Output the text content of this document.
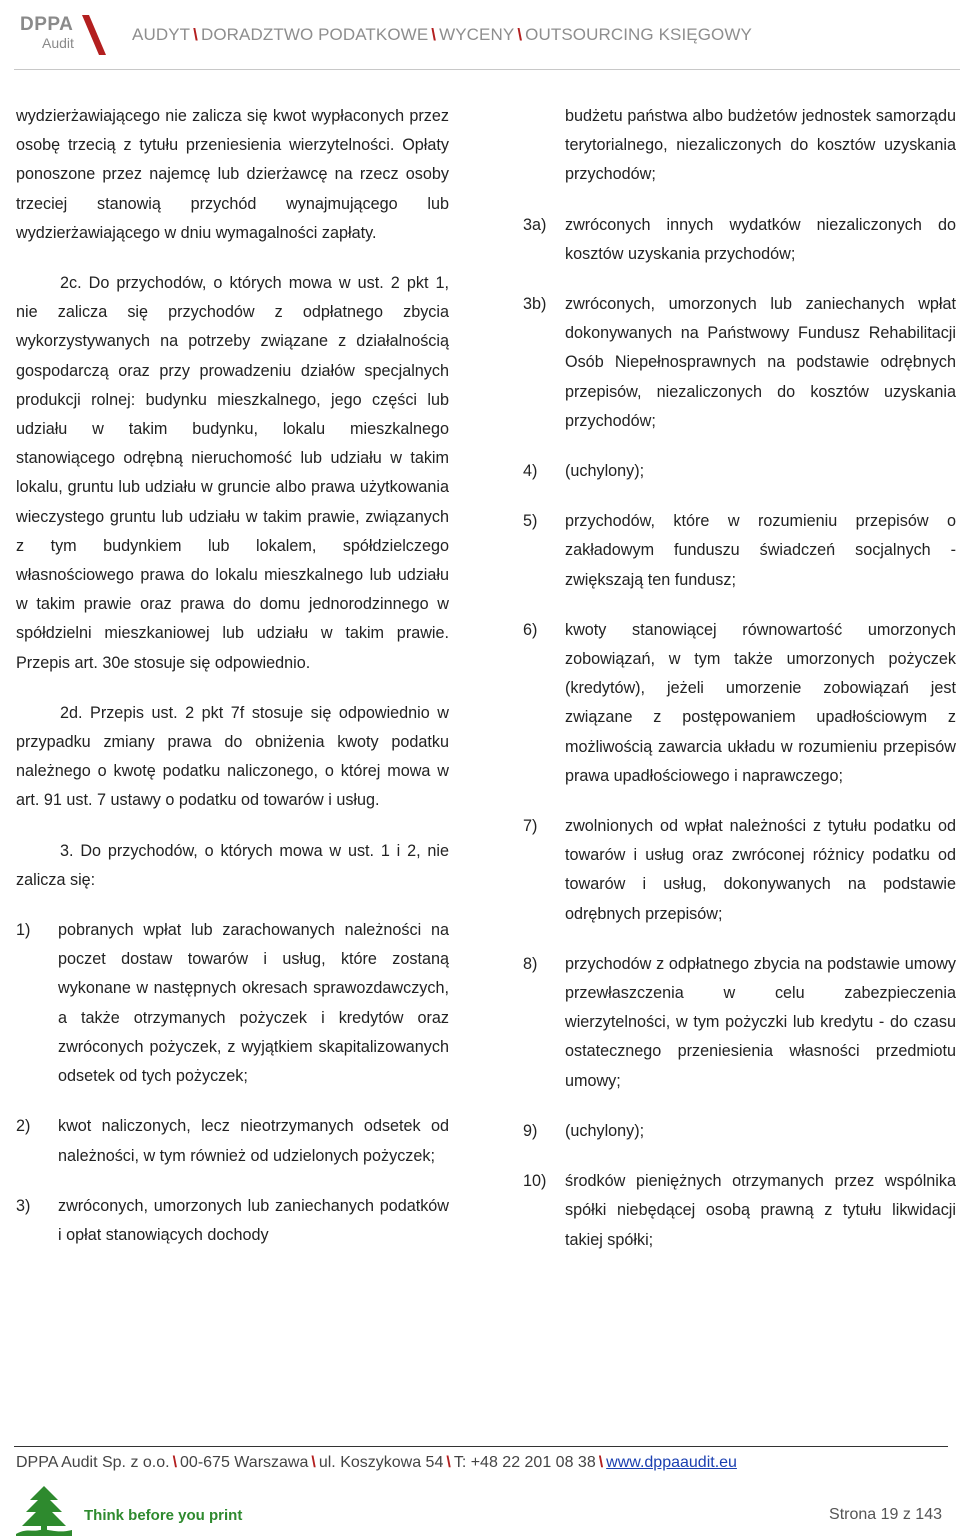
DPPA
Audit	AUDYT \ DORADZTWO PODATKOWE \ WYCENY \ OUTSOURCING KSIĘGOWY

wydzierżawiającego nie zalicza się kwot wypłaconych przez osobę trzecią z tytułu przeniesienia wierzytelności. Opłaty ponoszone przez najemcę lub dzierżawcę na rzecz osoby trzeciej stanowią przychód wynajmującego lub wydzierżawiającego w dniu wymagalności zapłaty.

2c. Do przychodów, o których mowa w ust. 2 pkt 1, nie zalicza się przychodów z odpłatnego zbycia wykorzystywanych na potrzeby związane z działalnością gospodarczą oraz przy prowadzeniu działów specjalnych produkcji rolnej: budynku mieszkalnego, jego części lub udziału w takim budynku, lokalu mieszkalnego stanowiącego odrębną nieruchomość lub udziału w takim lokalu, gruntu lub udziału w gruncie albo prawa użytkowania wieczystego gruntu lub udziału w takim prawie, związanych z tym budynkiem lub lokalem, spółdzielczego własnościowego prawa do lokalu mieszkalnego lub udziału w takim prawie oraz prawa do domu jednorodzinnego w spółdzielni mieszkaniowej lub udziału w takim prawie. Przepis art. 30e stosuje się odpowiednio.

2d. Przepis ust. 2 pkt 7f stosuje się odpowiednio w przypadku zmiany prawa do obniżenia kwoty podatku należnego o kwotę podatku naliczonego, o której mowa w art. 91 ust. 7 ustawy o podatku od towarów i usług.

3. Do przychodów, o których mowa w ust. 1 i 2, nie zalicza się:

1)	pobranych wpłat lub zarachowanych należności na poczet dostaw towarów i usług, które zostaną wykonane w następnych okresach sprawozdawczych, a także otrzymanych pożyczek i kredytów oraz zwróconych pożyczek, z wyjątkiem skapitalizowanych odsetek od tych pożyczek;
2)	kwot naliczonych, lecz nieotrzymanych odsetek od należności, w tym również od udzielonych pożyczek;
3)	zwróconych, umorzonych lub zaniechanych podatków i opłat stanowiących dochody
budżetu państwa albo budżetów jednostek samorządu terytorialnego, niezaliczonych do kosztów uzyskania przychodów;
3a)	zwróconych innych wydatków niezaliczonych do kosztów uzyskania przychodów;
3b)	zwróconych, umorzonych lub zaniechanych wpłat dokonywanych na Państwowy Fundusz Rehabilitacji Osób Niepełnosprawnych na podstawie odrębnych przepisów, niezaliczonych do kosztów uzyskania przychodów;
4)	(uchylony);
5)	przychodów, które w rozumieniu przepisów o zakładowym funduszu świadczeń socjalnych - zwiększają ten fundusz;
6)	kwoty stanowiącej równowartość umorzonych zobowiązań, w tym także umorzonych pożyczek (kredytów), jeżeli umorzenie zobowiązań jest związane z postępowaniem upadłościowym z możliwością zawarcia układu w rozumieniu przepisów prawa upadłościowego i naprawczego;
7)	zwolnionych od wpłat należności z tytułu podatku od towarów i usług oraz zwróconej różnicy podatku od towarów i usług, dokonywanych na podstawie odrębnych przepisów;
8)	przychodów z odpłatnego zbycia na podstawie umowy przewłaszczenia w celu zabezpieczenia wierzytelności, w tym pożyczki lub kredytu - do czasu ostatecznego przeniesienia własności przedmiotu umowy;
9)	(uchylony);
10)	środków pieniężnych otrzymanych przez wspólnika spółki niebędącej osobą prawną z tytułu likwidacji takiej spółki;
DPPA Audit Sp. z o.o. \ 00-675 Warszawa \ ul. Koszykowa 54 \ T: +48 22 201 08 38 \ www.dppaaudit.eu
Think before you print	Strona 19 z 143
